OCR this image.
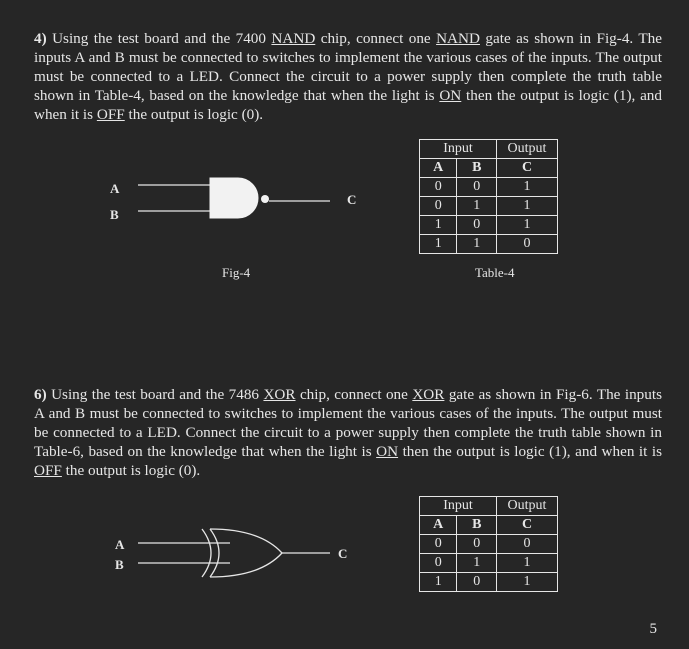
4) Using the test board and the 7400 NAND chip, connect one NAND gate as shown in Fig-4. The inputs A and B must be connected to switches to implement the various cases of the inputs. The output must be connected to a LED. Connect the circuit to a power supply then complete the truth table shown in Table-4, based on the knowledge that when the light is ON then the output is logic (1), and when it is OFF the output is logic (0).

A
B
C
Fig-4
Input		Output
A	B	C
0	0	1
0	1	1
1	0	1
1	1	0
Table-4

6) Using the test board and the 7486 XOR chip, connect one XOR gate as shown in Fig-6. The inputs A and B must be connected to switches to implement the various cases of the inputs. The output must be connected to a LED. Connect the circuit to a power supply then complete the truth table shown in Table-6, based on the knowledge that when the light is ON then the output is logic (1), and when it is OFF the output is logic (0).

A
B
C
Input		Output
A	B	C
0	0	0
0	1	1
1	0	1
5
